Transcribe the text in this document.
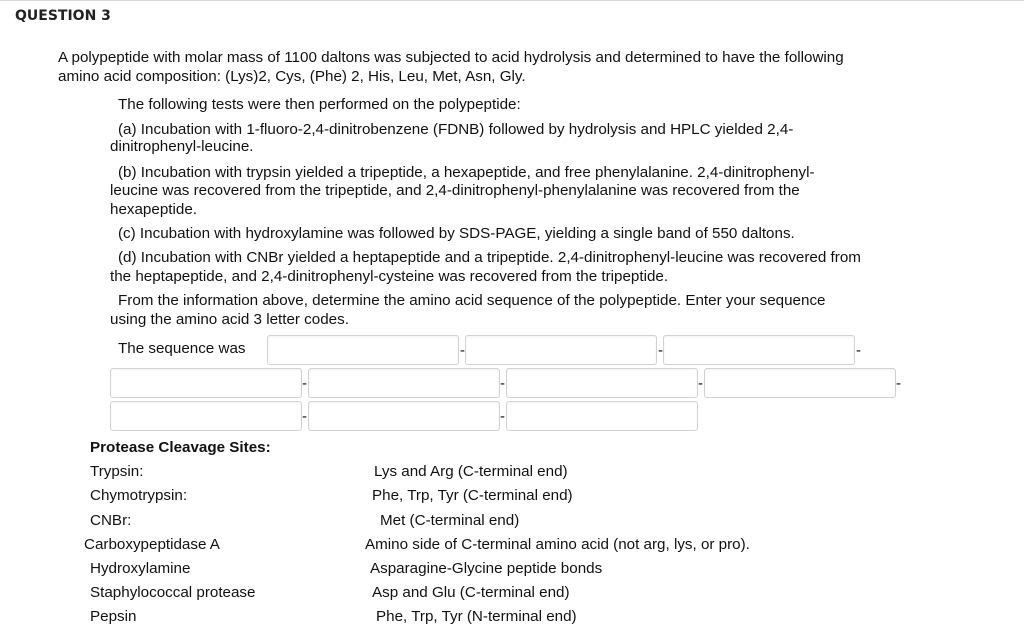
QUESTION 3
A polypeptide with molar mass of 1100 daltons was subjected to acid hydrolysis and determined to have the following
amino acid composition: (Lys)2, Cys, (Phe) 2, His, Leu, Met, Asn, Gly.
The following tests were then performed on the polypeptide:
(a) Incubation with 1-fluoro-2,4-dinitrobenzene (FDNB) followed by hydrolysis and HPLC yielded 2,4-
dinitrophenyl-leucine.
(b) Incubation with trypsin yielded a tripeptide, a hexapeptide, and free phenylalanine. 2,4-dinitrophenyl-
leucine was recovered from the tripeptide, and 2,4-dinitrophenyl-phenylalanine was recovered from the
hexapeptide.
(c) Incubation with hydroxylamine was followed by SDS-PAGE, yielding a single band of 550 daltons.
(d) Incubation with CNBr yielded a heptapeptide and a tripeptide. 2,4-dinitrophenyl-leucine was recovered from
the heptapeptide, and 2,4-dinitrophenyl-cysteine was recovered from the tripeptide.
From the information above, determine the amino acid sequence of the polypeptide. Enter your sequence
using the amino acid 3 letter codes.
The sequence was	-	-	-
-	-	-	-
-	-
Protease Cleavage Sites:
Trypsin:	Lys and Arg (C-terminal end)
Chymotrypsin:	Phe, Trp, Tyr (C-terminal end)
CNBr:	Met (C-terminal end)
Carboxypeptidase A	Amino side of C-terminal amino acid (not arg, lys, or pro).
Hydroxylamine	Asparagine-Glycine peptide bonds
Staphylococcal protease	Asp and Glu (C-terminal end)
Pepsin	Phe, Trp, Tyr (N-terminal end)
